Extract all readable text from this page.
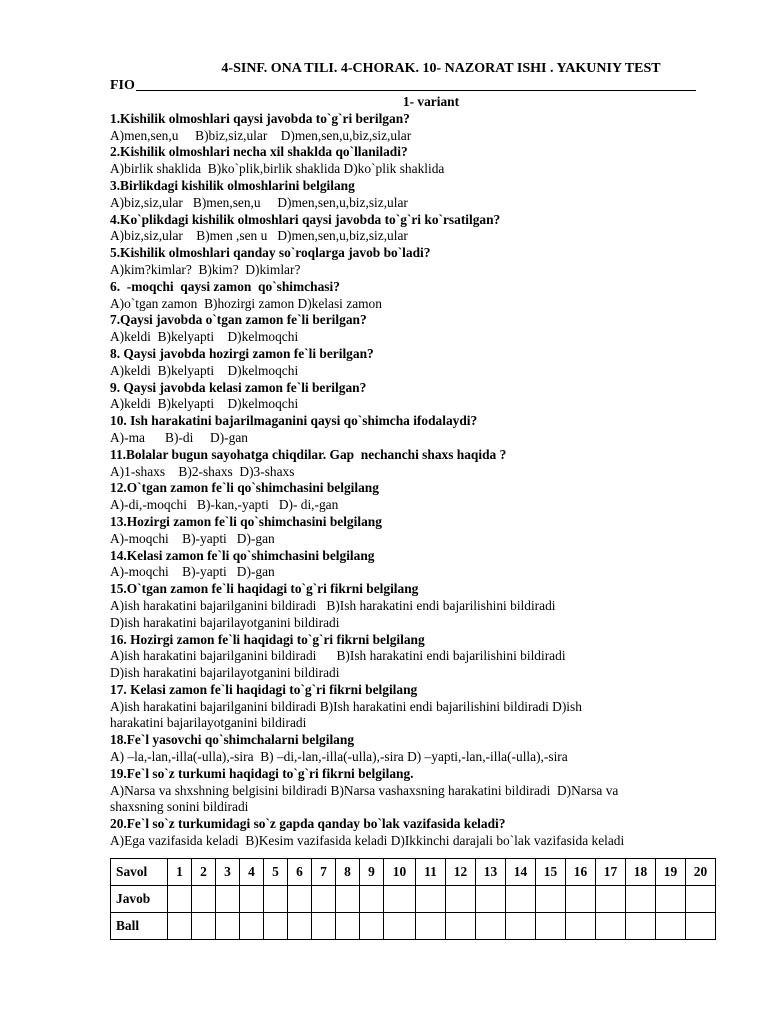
4-SINF. ONA TILI. 4-CHORAK. 10- NAZORAT ISHI . YAKUNIY TEST
FIO
1- variant
1.Kishilik olmoshlari qaysi javobda to`g`ri berilgan?
A)men,sen,u     B)biz,siz,ular    D)men,sen,u,biz,siz,ular
2.Kishilik olmoshlari necha xil shaklda qo`llaniladi?
A)birlik shaklida  B)ko`plik,birlik shaklida D)ko`plik shaklida
3.Birlikdagi kishilik olmoshlarini belgilang
A)biz,siz,ular   B)men,sen,u     D)men,sen,u,biz,siz,ular
4.Ko`plikdagi kishilik olmoshlari qaysi javobda to`g`ri ko`rsatilgan?
A)biz,siz,ular    B)men ,sen u   D)men,sen,u,biz,siz,ular
5.Kishilik olmoshlari qanday so`roqlarga javob bo`ladi?
A)kim?kimlar?  B)kim?  D)kimlar?
6.  -moqchi  qaysi zamon  qo`shimchasi?
A)o`tgan zamon  B)hozirgi zamon D)kelasi zamon
7.Qaysi javobda o`tgan zamon fe`li berilgan?
A)keldi  B)kelyapti    D)kelmoqchi
8. Qaysi javobda hozirgi zamon fe`li berilgan?
A)keldi  B)kelyapti    D)kelmoqchi
9. Qaysi javobda kelasi zamon fe`li berilgan?
A)keldi  B)kelyapti    D)kelmoqchi
10. Ish harakatini bajarilmaganini qaysi qo`shimcha ifodalaydi?
A)-ma      B)-di     D)-gan
11.Bolalar bugun sayohatga chiqdilar. Gap  nechanchi shaxs haqida ?
A)1-shaxs    B)2-shaxs  D)3-shaxs
12.O`tgan zamon fe`li qo`shimchasini belgilang
A)-di,-moqchi   B)-kan,-yapti   D)- di,-gan
13.Hozirgi zamon fe`li qo`shimchasini belgilang
A)-moqchi    B)-yapti   D)-gan
14.Kelasi zamon fe`li qo`shimchasini belgilang
A)-moqchi    B)-yapti   D)-gan
15.O`tgan zamon fe`li haqidagi to`g`ri fikrni belgilang
A)ish harakatini bajarilganini bildiradi   B)Ish harakatini endi bajarilishini bildiradi
D)ish harakatini bajarilayotganini bildiradi
16. Hozirgi zamon fe`li haqidagi to`g`ri fikrni belgilang
A)ish harakatini bajarilganini bildiradi      B)Ish harakatini endi bajarilishini bildiradi
D)ish harakatini bajarilayotganini bildiradi
17. Kelasi zamon fe`li haqidagi to`g`ri fikrni belgilang
A)ish harakatini bajarilganini bildiradi B)Ish harakatini endi bajarilishini bildiradi D)ish
harakatini bajarilayotganini bildiradi
18.Fe`l yasovchi qo`shimchalarni belgilang
A) –la,-lan,-illa(-ulla),-sira  B) –di,-lan,-illa(-ulla),-sira D) –yapti,-lan,-illa(-ulla),-sira
19.Fe`l so`z turkumi haqidagi to`g`ri fikrni belgilang.
A)Narsa va shxshning belgisini bildiradi B)Narsa vashaxsning harakatini bildiradi  D)Narsa va
shaxsning sonini bildiradi
20.Fe`l so`z turkumidagi so`z gapda qanday bo`lak vazifasida keladi?
A)Ega vazifasida keladi  B)Kesim vazifasida keladi D)Ikkinchi darajali bo`lak vazifasida keladi
Savol	1	2	3	4	5	6	7	8	9	10	11	12	13	14	15	16	17	18	19	20
Javob																				
Ball																				
